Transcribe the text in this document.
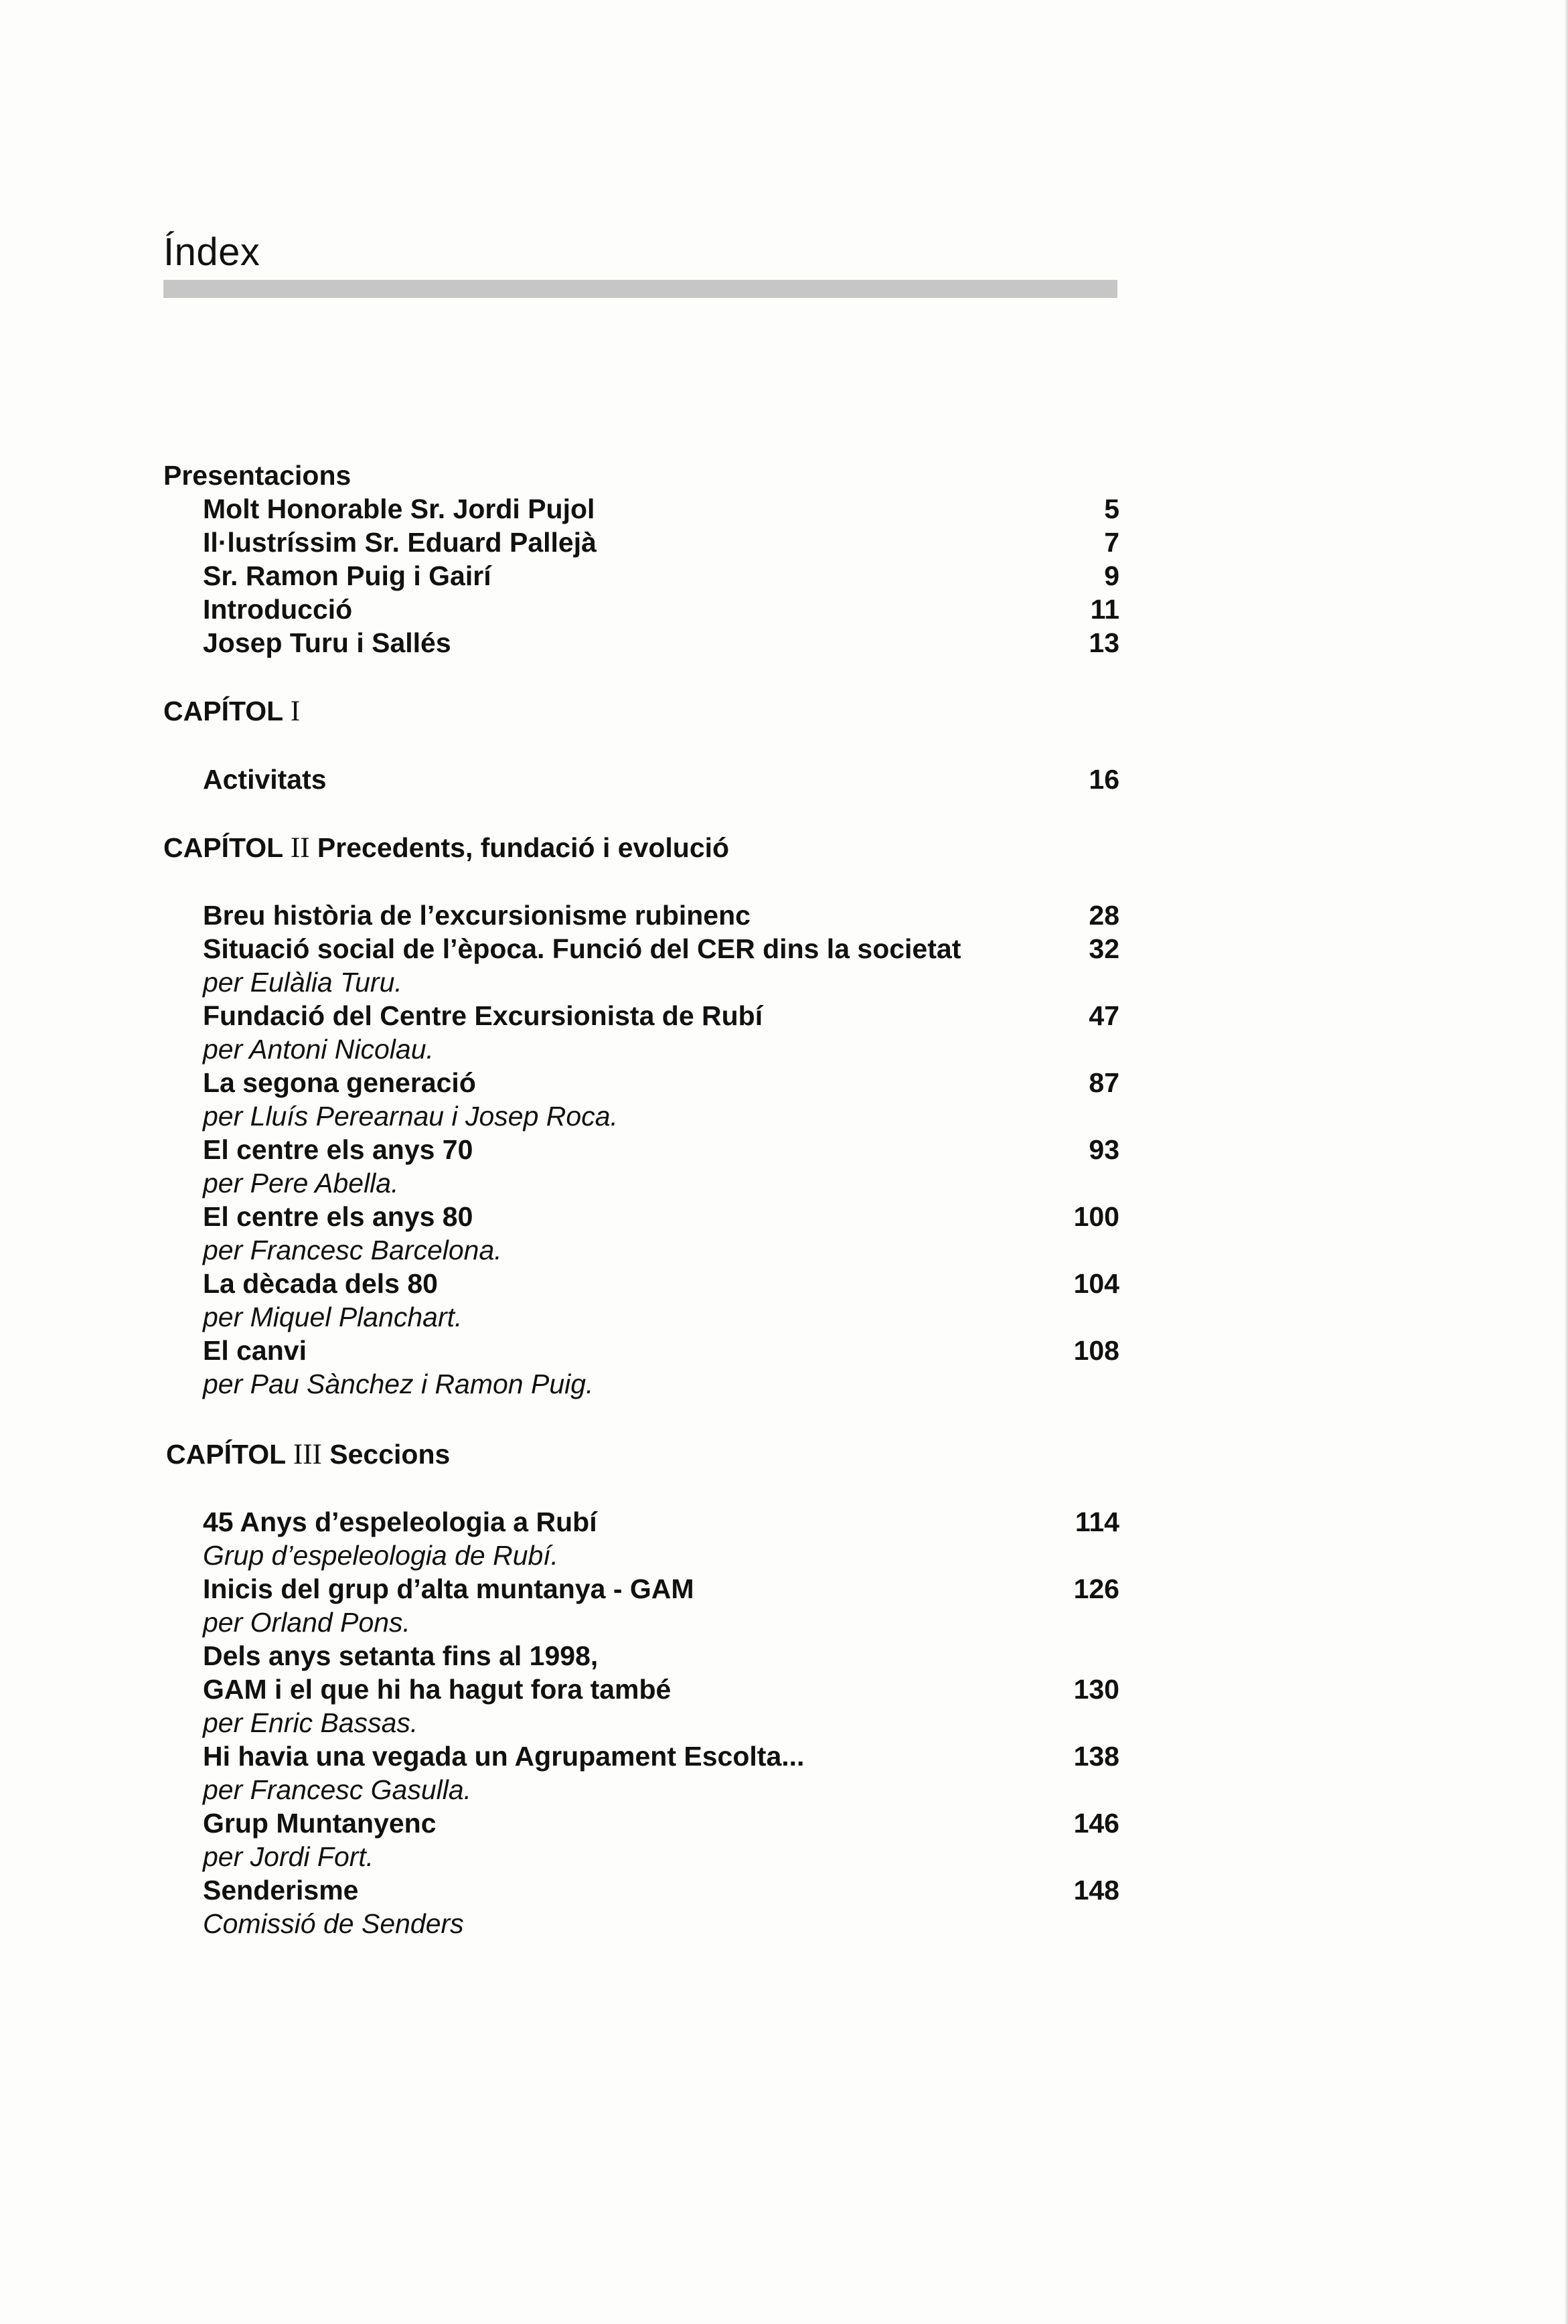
Índex
Presentacions
Molt Honorable Sr. Jordi Pujol	5
Il·lustríssim Sr. Eduard Pallejà	7
Sr. Ramon Puig i Gairí	9
Introducció	11
Josep Turu i Sallés	13
CAPÍTOL I
Activitats	16
CAPÍTOL II Precedents, fundació i evolució
Breu història de l’excursionisme rubinenc	28
Situació social de l’època. Funció del CER dins la societat	32
per Eulàlia Turu.
Fundació del Centre Excursionista de Rubí	47
per Antoni Nicolau.
La segona generació	87
per Lluís Perearnau i Josep Roca.
El centre els anys 70	93
per Pere Abella.
El centre els anys 80	100
per Francesc Barcelona.
La dècada dels 80	104
per Miquel Planchart.
El canvi	108
per Pau Sànchez i Ramon Puig.
CAPÍTOL III Seccions
45 Anys d’espeleologia a Rubí	114
Grup d’espeleologia de Rubí.
Inicis del grup d’alta muntanya - GAM	126
per Orland Pons.
Dels anys setanta fins al 1998,
GAM i el que hi ha hagut fora també	130
per Enric Bassas.
Hi havia una vegada un Agrupament Escolta...	138
per Francesc Gasulla.
Grup Muntanyenc	146
per Jordi Fort.
Senderisme	148
Comissió de Senders
